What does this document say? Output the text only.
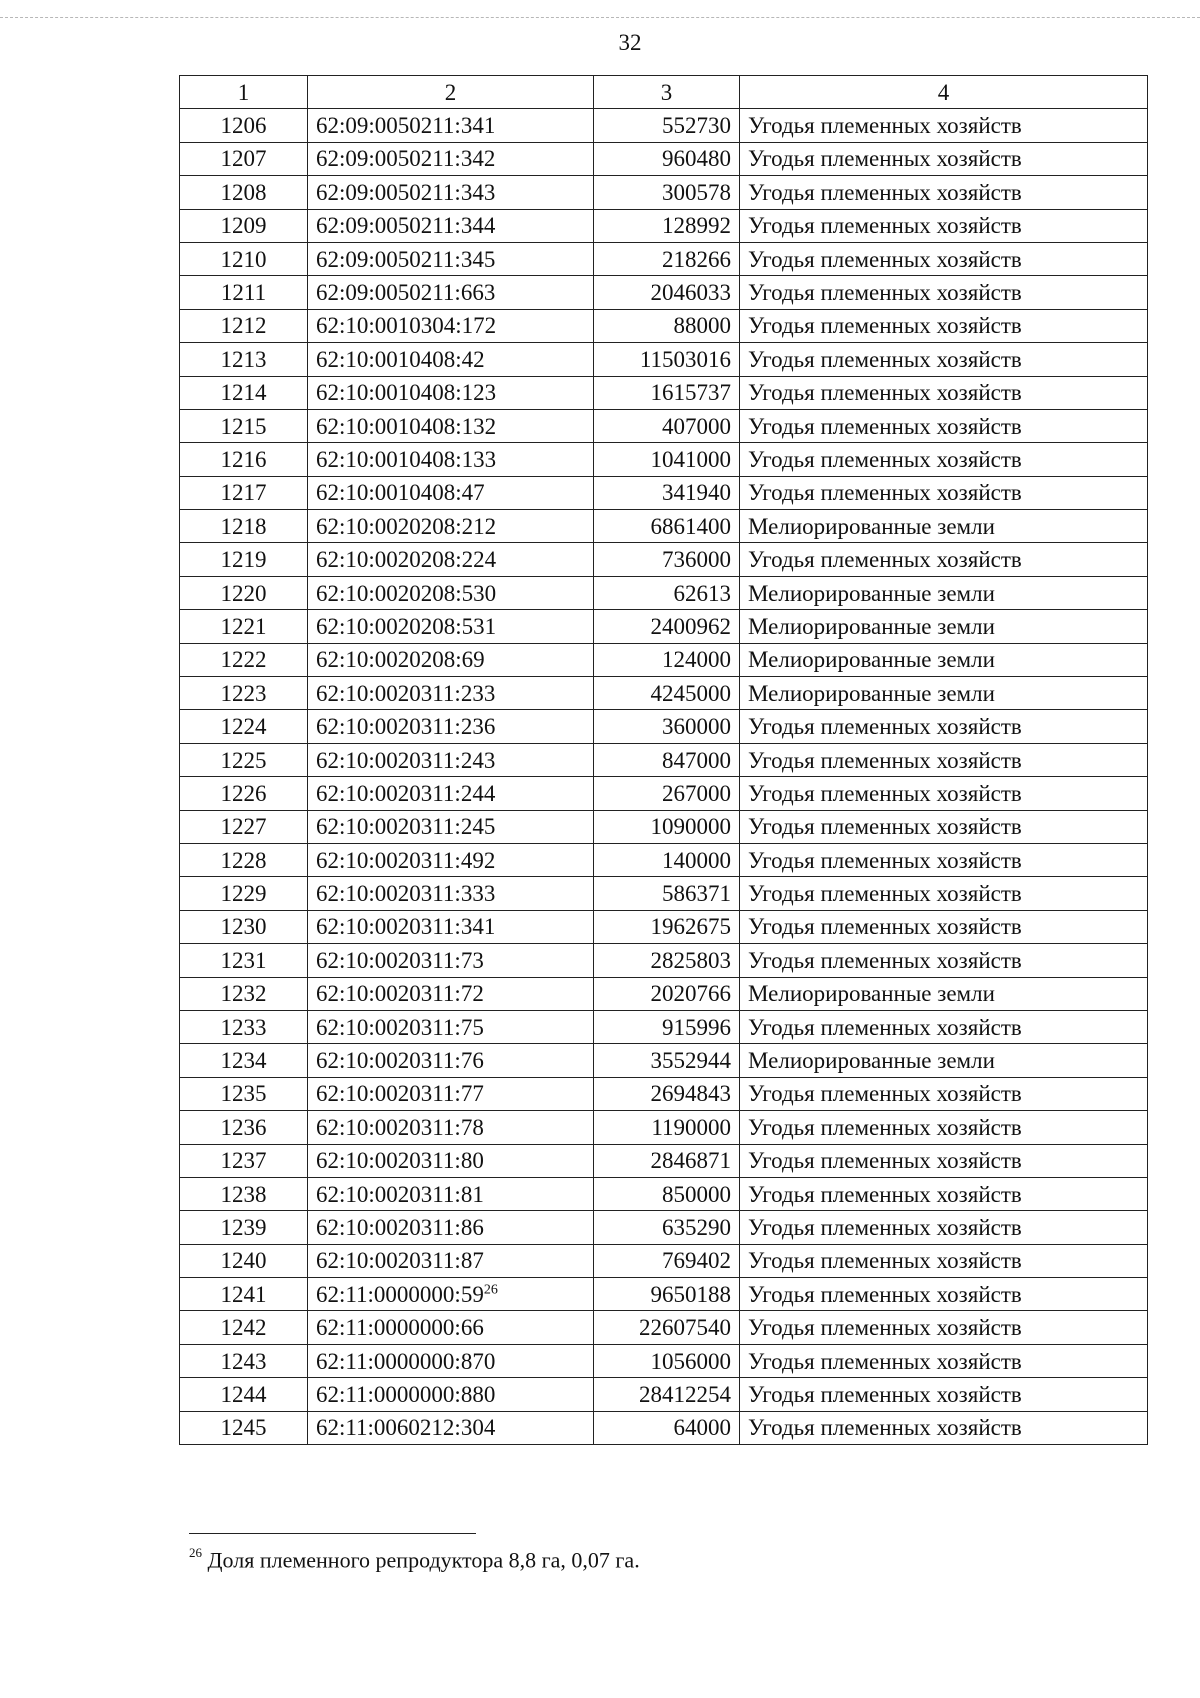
32
1	2	3	4
1206	62:09:0050211:341	552730	Угодья племенных хозяйств
1207	62:09:0050211:342	960480	Угодья племенных хозяйств
1208	62:09:0050211:343	300578	Угодья племенных хозяйств
1209	62:09:0050211:344	128992	Угодья племенных хозяйств
1210	62:09:0050211:345	218266	Угодья племенных хозяйств
1211	62:09:0050211:663	2046033	Угодья племенных хозяйств
1212	62:10:0010304:172	88000	Угодья племенных хозяйств
1213	62:10:0010408:42	11503016	Угодья племенных хозяйств
1214	62:10:0010408:123	1615737	Угодья племенных хозяйств
1215	62:10:0010408:132	407000	Угодья племенных хозяйств
1216	62:10:0010408:133	1041000	Угодья племенных хозяйств
1217	62:10:0010408:47	341940	Угодья племенных хозяйств
1218	62:10:0020208:212	6861400	Мелиорированные земли
1219	62:10:0020208:224	736000	Угодья племенных хозяйств
1220	62:10:0020208:530	62613	Мелиорированные земли
1221	62:10:0020208:531	2400962	Мелиорированные земли
1222	62:10:0020208:69	124000	Мелиорированные земли
1223	62:10:0020311:233	4245000	Мелиорированные земли
1224	62:10:0020311:236	360000	Угодья племенных хозяйств
1225	62:10:0020311:243	847000	Угодья племенных хозяйств
1226	62:10:0020311:244	267000	Угодья племенных хозяйств
1227	62:10:0020311:245	1090000	Угодья племенных хозяйств
1228	62:10:0020311:492	140000	Угодья племенных хозяйств
1229	62:10:0020311:333	586371	Угодья племенных хозяйств
1230	62:10:0020311:341	1962675	Угодья племенных хозяйств
1231	62:10:0020311:73	2825803	Угодья племенных хозяйств
1232	62:10:0020311:72	2020766	Мелиорированные земли
1233	62:10:0020311:75	915996	Угодья племенных хозяйств
1234	62:10:0020311:76	3552944	Мелиорированные земли
1235	62:10:0020311:77	2694843	Угодья племенных хозяйств
1236	62:10:0020311:78	1190000	Угодья племенных хозяйств
1237	62:10:0020311:80	2846871	Угодья племенных хозяйств
1238	62:10:0020311:81	850000	Угодья племенных хозяйств
1239	62:10:0020311:86	635290	Угодья племенных хозяйств
1240	62:10:0020311:87	769402	Угодья племенных хозяйств
1241	$62:11:0000000:59^{26}$	9650188	Угодья племенных хозяйств
1242	62:11:0000000:66	22607540	Угодья племенных хозяйств
1243	62:11:0000000:870	1056000	Угодья племенных хозяйств
1244	62:11:0000000:880	28412254	Угодья племенных хозяйств
1245	62:11:0060212:304	64000	Угодья племенных хозяйств
$^{26}$ Доля племенного репродуктора 8,8 га, 0,07 га.
